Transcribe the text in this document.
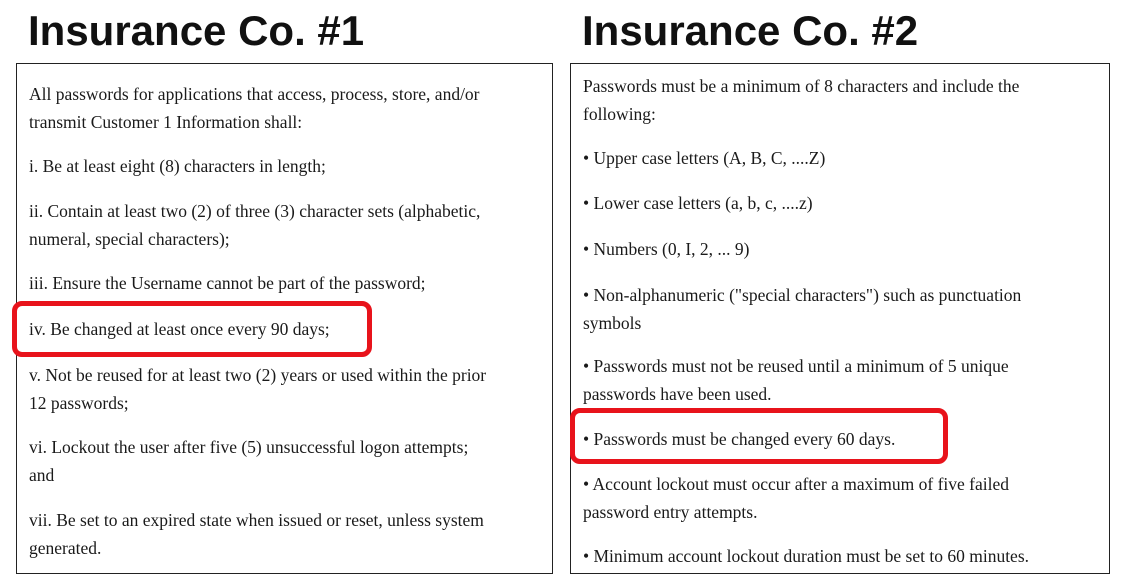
Insurance Co. #1

All passwords for applications that access, process, store, and/or
transmit Customer 1 Information shall:

i. Be at least eight (8) characters in length;

ii. Contain at least two (2) of three (3) character sets (alphabetic,
numeral, special characters);

iii. Ensure the Username cannot be part of the password;

iv. Be changed at least once every 90 days;

v. Not be reused for at least two (2) years or used within the prior
12 passwords;

vi. Lockout the user after five (5) unsuccessful logon attempts;
and

vii. Be set to an expired state when issued or reset, unless system
generated.

Insurance Co. #2

Passwords must be a minimum of 8 characters and include the
following:

• Upper case letters (A, B, C, ....Z)

• Lower case letters (a, b, c, ....z)

• Numbers (0, I, 2, ... 9)

• Non-alphanumeric ("special characters") such as punctuation
symbols

• Passwords must not be reused until a minimum of 5 unique
passwords have been used.

• Passwords must be changed every 60 days.

• Account lockout must occur after a maximum of five failed
password entry attempts.

• Minimum account lockout duration must be set to 60 minutes.
